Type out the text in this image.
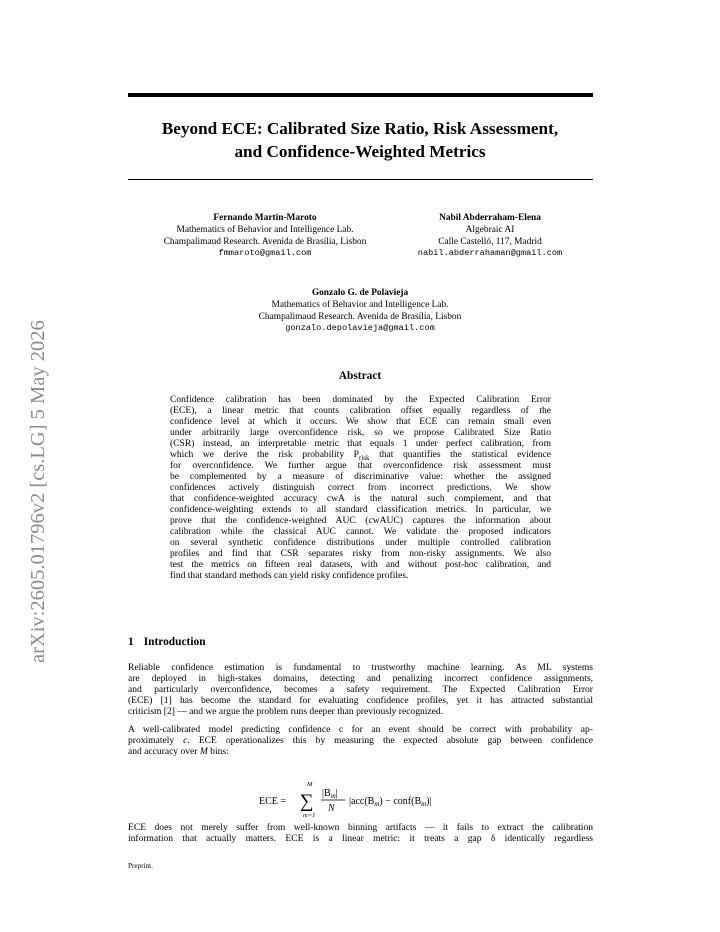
arXiv:2605.01796v2 [cs.LG] 5 May 2026
Beyond ECE: Calibrated Size Ratio, Risk Assessment,
and Confidence-Weighted Metrics
Fernando Martin-Maroto
Mathematics of Behavior and Intelligence Lab.
Champalimaud Research. Avenida de Brasília, Lisbon
fmmaroto@gmail.com
Nabil Abderraham-Elena
Algebraic AI
Calle Castelló, 117, Madrid
nabil.abderrahaman@gmail.com
Gonzalo G. de Polavieja
Mathematics of Behavior and Intelligence Lab.
Champalimaud Research. Avenida de Brasília, Lisbon
gonzalo.depolavieja@gmail.com
Abstract
Confidence calibration has been dominated by the Expected Calibration Error
(ECE), a linear metric that counts calibration offset equally regardless of the
confidence level at which it occurs. We show that ECE can remain small even
under arbitrarily large overconfidence risk, so we propose Calibrated Size Ratio
(CSR) instead, an interpretable metric that equals 1 under perfect calibration, from
which we derive the risk probability $P_{risk}$ that quantifies the statistical evidence
for overconfidence. We further argue that overconfidence risk assessment must
be complemented by a measure of discriminative value: whether the assigned
confidences actively distinguish correct from incorrect predictions. We show
that confidence-weighted accuracy cwA is the natural such complement, and that
confidence-weighting extends to all standard classification metrics. In particular, we
prove that the confidence-weighted AUC (cwAUC) captures the information about
calibration while the classical AUC cannot. We validate the proposed indicators
on several synthetic confidence distributions under multiple controlled calibration
profiles and find that CSR separates risky from non-risky assignments. We also
test the metrics on fifteen real datasets, with and without post-hoc calibration, and
find that standard methods can yield risky confidence profiles.
1 Introduction
Reliable confidence estimation is fundamental to trustworthy machine learning. As ML systems
are deployed in high-stakes domains, detecting and penalizing incorrect confidence assignments,
and particularly overconfidence, becomes a safety requirement. The Expected Calibration Error
(ECE) [1] has become the standard for evaluating confidence profiles, yet it has attracted substantial
criticism [2] — and we argue the problem runs deeper than previously recognized.
A well-calibrated model predicting confidence c for an event should be correct with probability ap-
proximately c. ECE operationalizes this by measuring the expected absolute gap between confidence
and accuracy over M bins:
ECE =
M
∑
m=1
$|B_m|$
N
$|acc(B_m)$ − $conf(B_m)|$
ECE does not merely suffer from well-known binning artifacts — it fails to extract the calibration
information that actually matters. ECE is a linear metric: it treats a gap δ identically regardless
Preprint.
